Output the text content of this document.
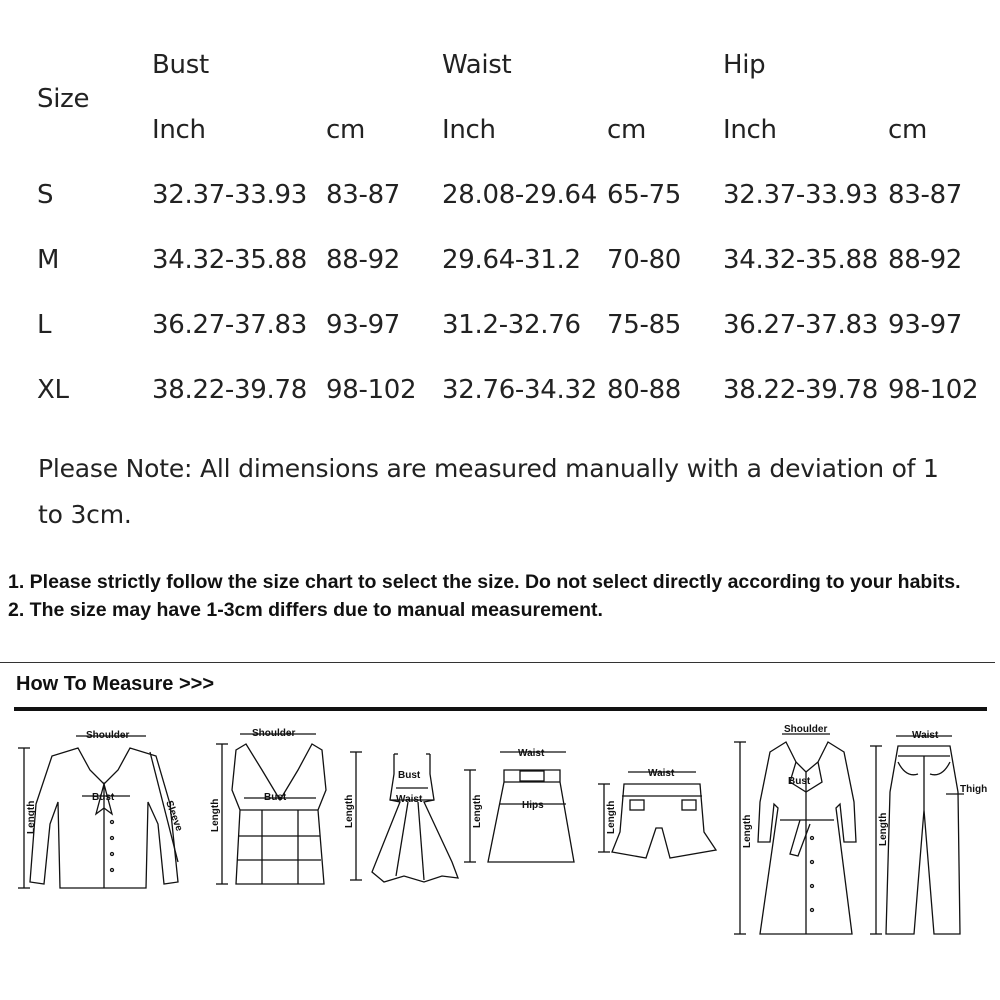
Size
Bust	Waist	Hip
Inch	cm	Inch	cm	Inch	cm
S	32.37-33.93 83-87 28.08-29.64 65-75 32.37-33.93 83-87
M	34.32-35.88 88-92 29.64-31.2 70-80 34.32-35.88 88-92
L	36.27-37.83 93-97 31.2-32.76 75-85 36.27-37.83 93-97
XL	38.22-39.78 98-102 32.76-34.32 80-88 38.22-39.78 98-102
Please Note: All dimensions are measured manually with a deviation of 1 to 3cm.
1. Please strictly follow the size chart to select the size. Do not select directly according to your habits.
2. The size may have 1-3cm differs due to manual measurement.
How To Measure >>>
Shoulder
Bust
Sleeve
Length
Shoulder
Bust
Length
Bust
Waist
Length
Waist
Hips
Length
Waist
Length
Shoulder
Bust
Length
Waist
Thigh
Length
